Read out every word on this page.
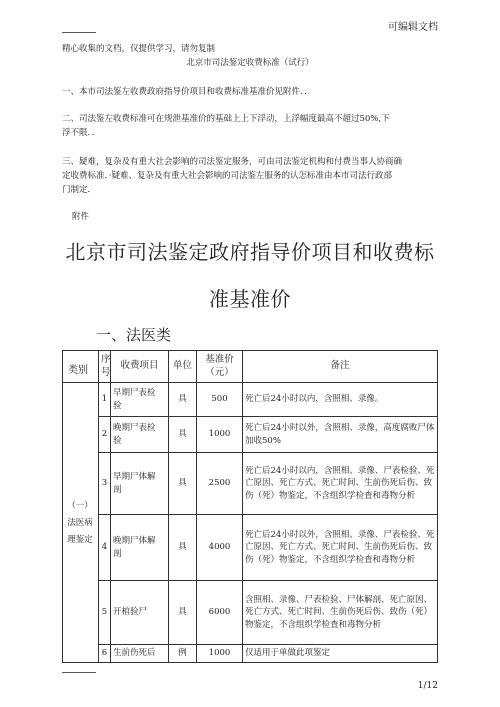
可编辑文档
精心收集的文档，仅提供学习，请勿复制
北京市司法鉴定收费标准（试行）
一、本市司法鉴左收费政府指导价项目和收费标准基准价见附件．．
二、司法鉴左收费标准可在规泄基准价的基础上上下浮动，上浮幅度最高不超过50%,下
浮不限．．
三、疑难，复杂及有重大社会影响的司法鉴定服务，可由司法鉴定机构和付费当事人协商确
定收费标准．·疑难、复杂及有重大社会影响的司法鉴左服务的认怎标准由本市司法行政部
门制定．
附件
北京市司法鉴定政府指导价项目和收费标
准基准价
一、法医类
类别
（一）
法医病
理鉴定
序号	收费项目	单位	基准价（元）	备注
1	早期尸表检 验	具	500	死亡后24小时以内，含照相、录像。
2	晚期尸表检 验	具	1000	死亡后24小时以外，含照相、录像，高度腐败尸体加收50%
3	早期尸体解 剖	具	2500	死亡后24小时以内，含照相、录像、尸表检验、死亡原因、死亡方式、死亡时间、生前伤死后伤、致伤（死）物鉴定，不含组织学检査和毒物分析
4	晚期尸体解 剖	具	4000	死亡后24小时以外，含照相、录像、尸表检验、死亡原因、死亡方式、死亡时间、生前伤死后伤、致伤（死）物鉴定，不含组织学检査和毒物分析
5	开棺验尸	具	6000	含照相、录像、尸表检验、尸体解剖、死亡原因、死亡方式、死亡时间、生前伤死后伤、致伤（死）物鉴定，不含组织学检査和毒物分析
6	生前伤死后	例	1000	仅适用于单做此项鉴定
1/12
